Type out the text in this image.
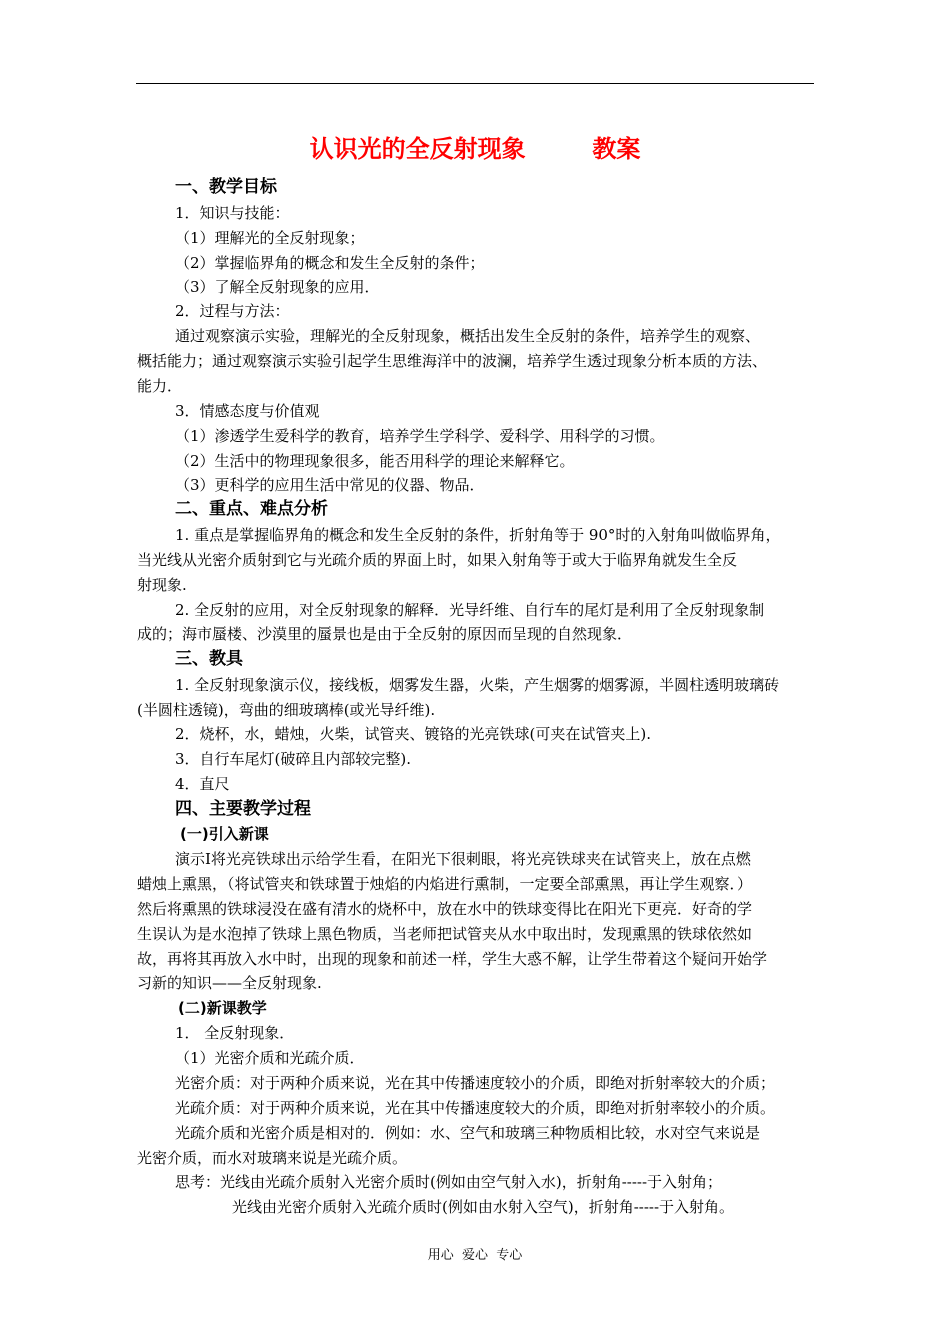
认识光的全反射现象        教案
一、教学目标
1．知识与技能：
（1）理解光的全反射现象；
（2）掌握临界角的概念和发生全反射的条件；
（3）了解全反射现象的应用．
2．过程与方法：
通过观察演示实验，理解光的全反射现象，概括出发生全反射的条件，培养学生的观察、
概括能力；通过观察演示实验引起学生思维海洋中的波澜，培养学生透过现象分析本质的方法、
能力．
3．情感态度与价值观
（1）渗透学生爱科学的教育，培养学生学科学、爱科学、用科学的习惯。
（2）生活中的物理现象很多，能否用科学的理论来解释它。
（3）更科学的应用生活中常见的仪器、物品．
二、重点、难点分析
1. 重点是掌握临界角的概念和发生全反射的条件，折射角等于 90°时的入射角叫做临界角，
当光线从光密介质射到它与光疏介质的界面上时，如果入射角等于或大于临界角就发生全反
射现象.
2. 全反射的应用，对全反射现象的解释．光导纤维、自行车的尾灯是利用了全反射现象制
成的；海市蜃楼、沙漠里的蜃景也是由于全反射的原因而呈现的自然现象．
三、教具
1. 全反射现象演示仪，接线板，烟雾发生器，火柴，产生烟雾的烟雾源，半圆柱透明玻璃砖
(半圆柱透镜)，弯曲的细玻璃棒(或光导纤维).
2．烧杯，水，蜡烛，火柴，试管夹、镀铬的光亮铁球(可夹在试管夹上).
3．自行车尾灯(破碎且内部较完整).
4．直尺
四、主要教学过程
(一)引入新课
演示Ⅰ将光亮铁球出示给学生看，在阳光下很刺眼，将光亮铁球夹在试管夹上，放在点燃
蜡烛上熏黑，（将试管夹和铁球置于烛焰的内焰进行熏制，一定要全部熏黑，再让学生观察．）
然后将熏黑的铁球浸没在盛有清水的烧杯中，放在水中的铁球变得比在阳光下更亮．好奇的学
生误认为是水泡掉了铁球上黑色物质，当老师把试管夹从水中取出时，发现熏黑的铁球依然如
故，再将其再放入水中时，出现的现象和前述一样，学生大惑不解，让学生带着这个疑问开始学
习新的知识——全反射现象.
(二)新课教学
1． 全反射现象．
（1）光密介质和光疏介质．
光密介质：对于两种介质来说，光在其中传播速度较小的介质，即绝对折射率较大的介质；
光疏介质：对于两种介质来说，光在其中传播速度较大的介质，即绝对折射率较小的介质。
光疏介质和光密介质是相对的．例如：水、空气和玻璃三种物质相比较，水对空气来说是
光密介质，而水对玻璃来说是光疏介质。
思考：光线由光疏介质射入光密介质时(例如由空气射入水)，折射角-----于入射角；
光线由光密介质射入光疏介质时(例如由水射入空气)，折射角-----于入射角。
用心  爱心  专心
